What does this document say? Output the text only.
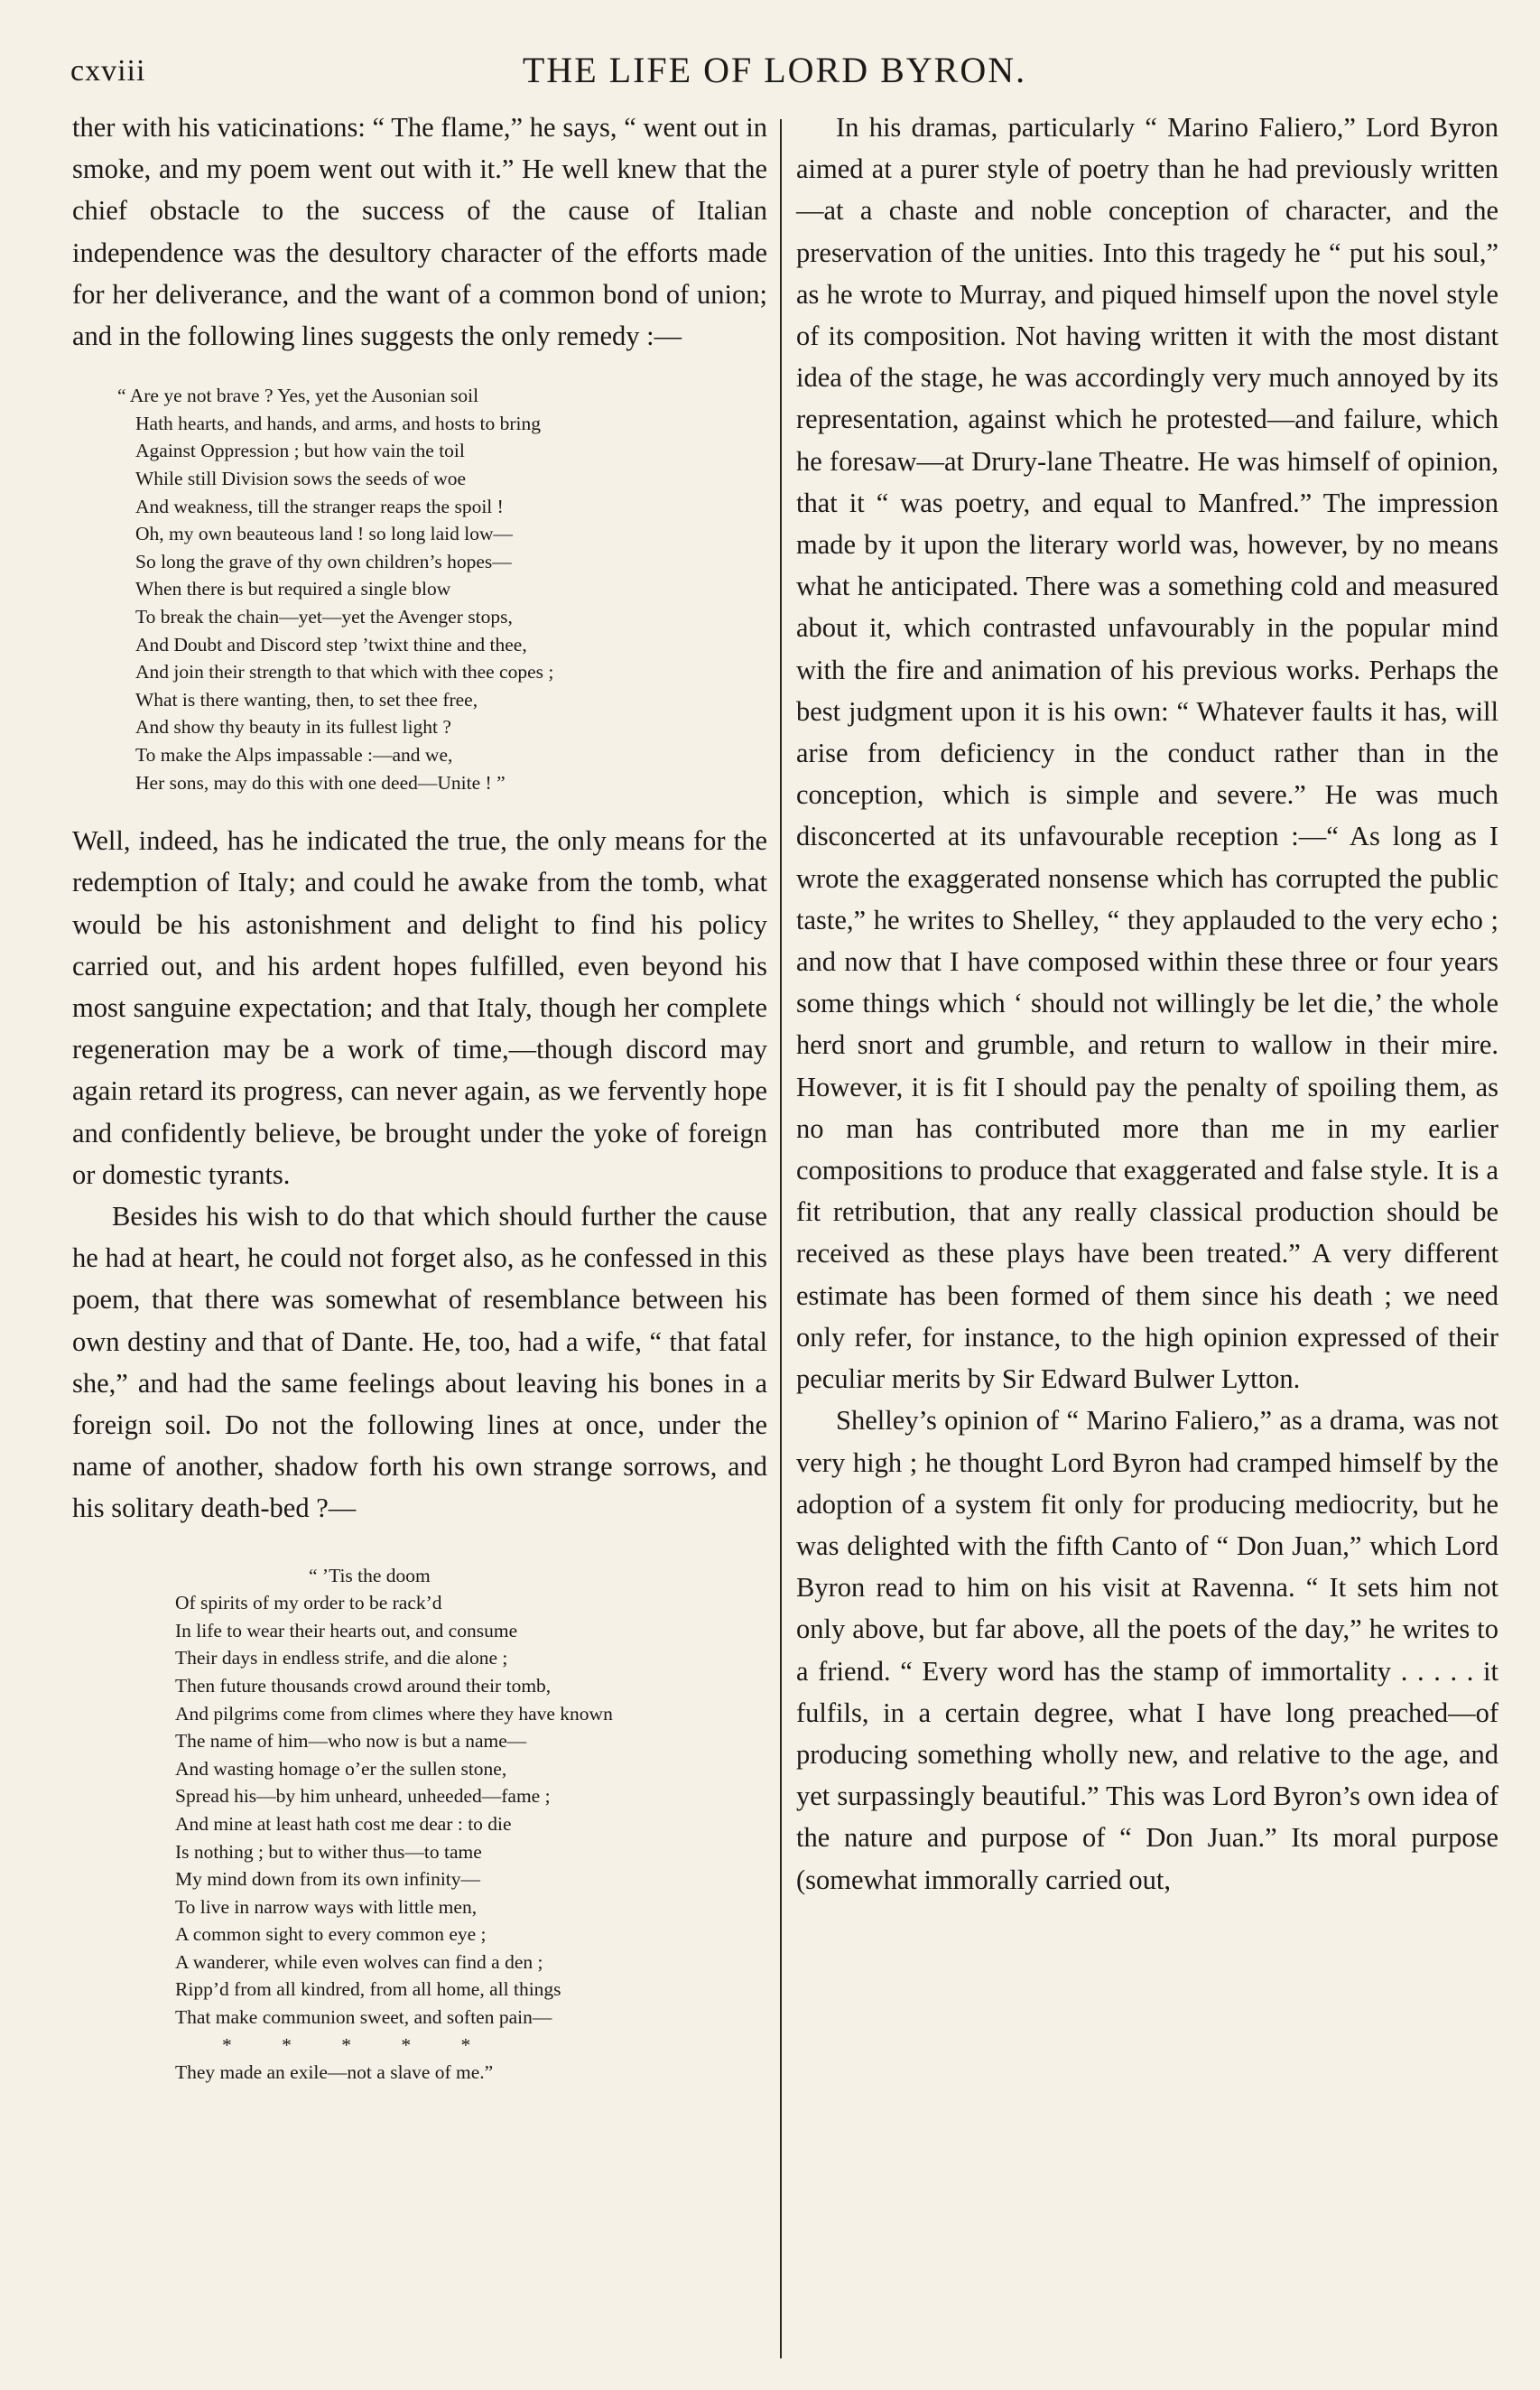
cxviii	THE LIFE OF LORD BYRON.

ther with his vaticinations: “ The flame,” he says, “ went out in smoke, and my poem went out with it.” He well knew that the chief obstacle to the success of the cause of Italian independence was the desultory character of the efforts made for her deliverance, and the want of a common bond of union; and in the following lines suggests the only remedy :—

“ Are ye not brave ? Yes, yet the Ausonian soil
Hath hearts, and hands, and arms, and hosts to bring
Against Oppression ; but how vain the toil
While still Division sows the seeds of woe
And weakness, till the stranger reaps the spoil !
Oh, my own beauteous land ! so long laid low—
So long the grave of thy own children’s hopes—
When there is but required a single blow
To break the chain—yet—yet the Avenger stops,
And Doubt and Discord step ’twixt thine and thee,
And join their strength to that which with thee copes ;
What is there wanting, then, to set thee free,
And show thy beauty in its fullest light ?
To make the Alps impassable :—and we,
Her sons, may do this with one deed—Unite ! ”

Well, indeed, has he indicated the true, the only means for the redemption of Italy; and could he awake from the tomb, what would be his astonishment and delight to find his policy carried out, and his ardent hopes fulfilled, even beyond his most sanguine expectation; and that Italy, though her complete regeneration may be a work of time,—though discord may again retard its progress, can never again, as we fervently hope and confidently believe, be brought under the yoke of foreign or domestic tyrants.

Besides his wish to do that which should further the cause he had at heart, he could not forget also, as he confessed in this poem, that there was somewhat of resemblance between his own destiny and that of Dante. He, too, had a wife, “ that fatal she,” and had the same feelings about leaving his bones in a foreign soil. Do not the following lines at once, under the name of another, shadow forth his own strange sorrows, and his solitary death-bed ?—

“ ’Tis the doom
Of spirits of my order to be rack’d
In life to wear their hearts out, and consume
Their days in endless strife, and die alone ;
Then future thousands crowd around their tomb,
And pilgrims come from climes where they have known
The name of him—who now is but a name—
And wasting homage o’er the sullen stone,
Spread his—by him unheard, unheeded—fame ;
And mine at least hath cost me dear : to die
Is nothing ; but to wither thus—to tame
My mind down from its own infinity—
To live in narrow ways with little men,
A common sight to every common eye ;
A wanderer, while even wolves can find a den ;
Ripp’d from all kindred, from all home, all things
That make communion sweet, and soften pain—
* * * * *
They made an exile—not a slave of me.”

In his dramas, particularly “ Marino Faliero,” Lord Byron aimed at a purer style of poetry than he had previously written—at a chaste and noble conception of character, and the preservation of the unities. Into this tragedy he “ put his soul,” as he wrote to Murray, and piqued himself upon the novel style of its composition. Not having written it with the most distant idea of the stage, he was accordingly very much annoyed by its representation, against which he protested—and failure, which he foresaw—at Drury-lane Theatre. He was himself of opinion, that it “ was poetry, and equal to Manfred.” The impression made by it upon the literary world was, however, by no means what he anticipated. There was a something cold and measured about it, which contrasted unfavourably in the popular mind with the fire and animation of his previous works. Perhaps the best judgment upon it is his own: “ Whatever faults it has, will arise from deficiency in the conduct rather than in the conception, which is simple and severe.” He was much disconcerted at its unfavourable reception :—“ As long as I wrote the exaggerated nonsense which has corrupted the public taste,” he writes to Shelley, “ they applauded to the very echo ; and now that I have composed within these three or four years some things which ‘ should not willingly be let die,’ the whole herd snort and grumble, and return to wallow in their mire. However, it is fit I should pay the penalty of spoiling them, as no man has contributed more than me in my earlier compositions to produce that exaggerated and false style. It is a fit retribution, that any really classical production should be received as these plays have been treated.” A very different estimate has been formed of them since his death ; we need only refer, for instance, to the high opinion expressed of their peculiar merits by Sir Edward Bulwer Lytton.

Shelley’s opinion of “ Marino Faliero,” as a drama, was not very high ; he thought Lord Byron had cramped himself by the adoption of a system fit only for producing mediocrity, but he was delighted with the fifth Canto of “ Don Juan,” which Lord Byron read to him on his visit at Ravenna. “ It sets him not only above, but far above, all the poets of the day,” he writes to a friend. “ Every word has the stamp of immortality . . . . . it fulfils, in a certain degree, what I have long preached—of producing something wholly new, and relative to the age, and yet surpassingly beautiful.” This was Lord Byron’s own idea of the nature and purpose of “ Don Juan.” Its moral purpose (somewhat immorally carried out,
